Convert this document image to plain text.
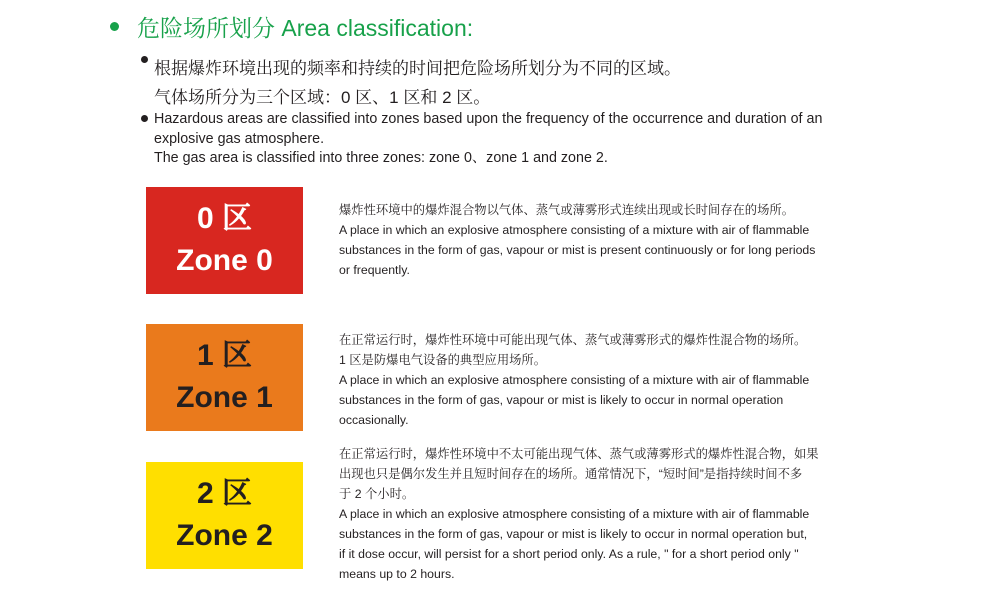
危险场所划分 Area classification:
根据爆炸环境出现的频率和持续的时间把危险场所划分为不同的区域。
气体场所分为三个区域：0 区、1 区和 2 区。
Hazardous areas are classified into zones based upon the frequency of the occurrence and duration of an
explosive gas atmosphere.
The gas area is classified into three zones: zone 0、zone 1 and zone 2.
0 区
Zone 0
爆炸性环境中的爆炸混合物以气体、蒸气或薄雾形式连续出现或长时间存在的场所。
A place in which an explosive atmosphere consisting of a mixture with air of flammable
substances in the form of gas, vapour or mist is present continuously or for long periods
or frequently.
1 区
Zone 1
在正常运行时，爆炸性环境中可能出现气体、蒸气或薄雾形式的爆炸性混合物的场所。
1 区是防爆电气设备的典型应用场所。
A place in which an explosive atmosphere consisting of a mixture with air of flammable
substances in the form of gas, vapour or mist is likely to occur in normal operation
occasionally.
2 区
Zone 2
在正常运行时，爆炸性环境中不太可能出现气体、蒸气或薄雾形式的爆炸性混合物，如果
出现也只是偶尔发生并且短时间存在的场所。通常情况下，“短时间”是指持续时间不多
于 2 个小时。
A place in which an explosive atmosphere consisting of a mixture with air of flammable
substances in the form of gas, vapour or mist is likely to occur in normal operation but,
if it dose occur, will persist for a short period only. As a rule, " for a short period only "
means up to 2 hours.
